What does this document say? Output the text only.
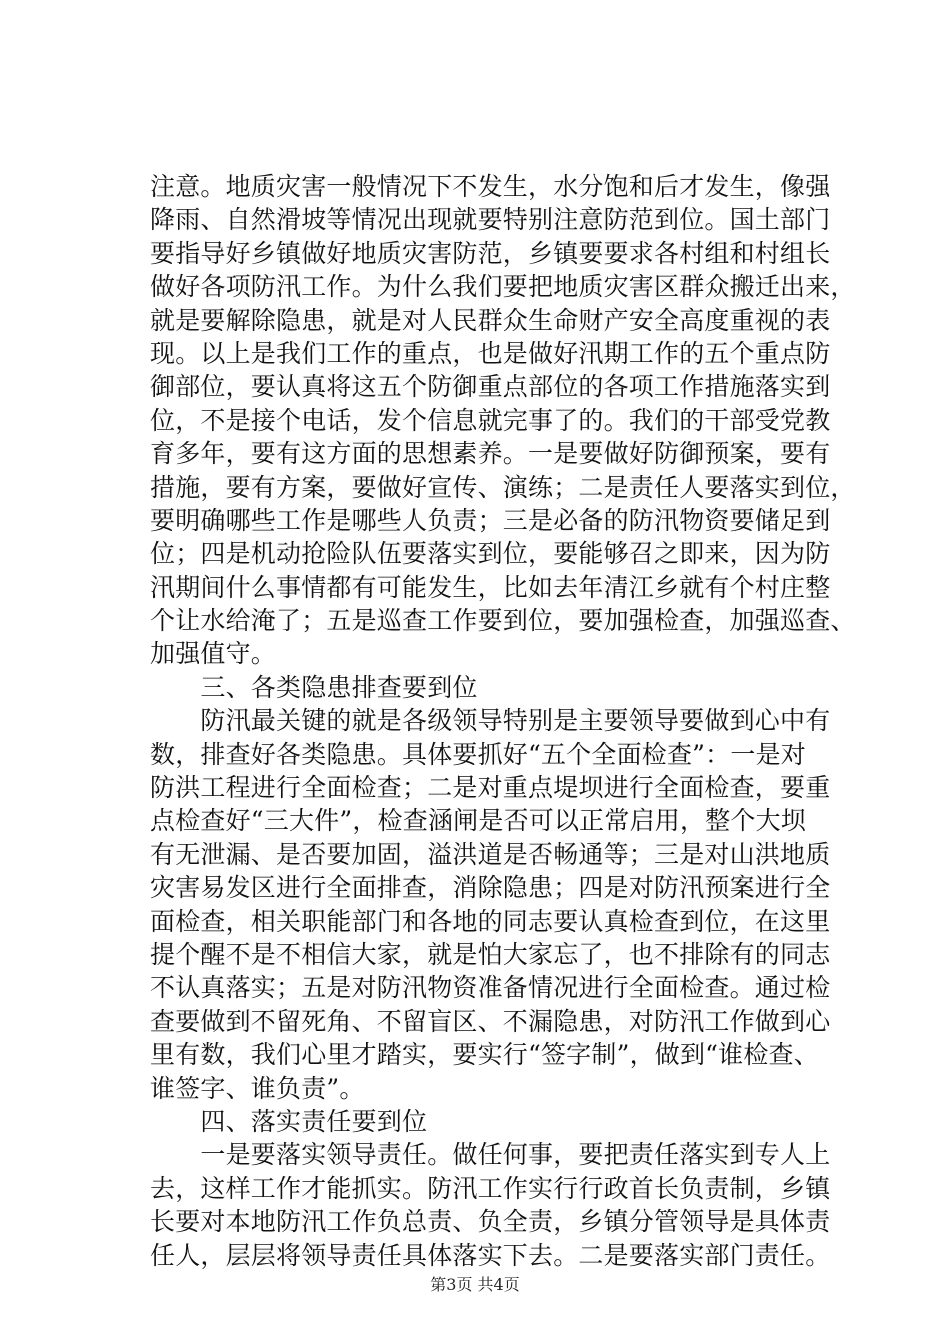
注意。地质灾害一般情况下不发生，水分饱和后才发生，像强
降雨、自然滑坡等情况出现就要特别注意防范到位。国土部门
要指导好乡镇做好地质灾害防范，乡镇要要求各村组和村组长
做好各项防汛工作。为什么我们要把地质灾害区群众搬迁出来，
就是要解除隐患，就是对人民群众生命财产安全高度重视的表
现。以上是我们工作的重点，也是做好汛期工作的五个重点防
御部位，要认真将这五个防御重点部位的各项工作措施落实到
位，不是接个电话，发个信息就完事了的。我们的干部受党教
育多年，要有这方面的思想素养。一是要做好防御预案，要有
措施，要有方案，要做好宣传、演练；二是责任人要落实到位，
要明确哪些工作是哪些人负责；三是必备的防汛物资要储足到
位；四是机动抢险队伍要落实到位，要能够召之即来，因为防
汛期间什么事情都有可能发生，比如去年清江乡就有个村庄整
个让水给淹了；五是巡查工作要到位，要加强检查，加强巡查、
加强值守。
　　三、各类隐患排查要到位
　　防汛最关键的就是各级领导特别是主要领导要做到心中有
数，排查好各类隐患。具体要抓好“五个全面检查”：一是对
防洪工程进行全面检查；二是对重点堤坝进行全面检查，要重
点检查好“三大件”，检查涵闸是否可以正常启用，整个大坝
有无泄漏、是否要加固，溢洪道是否畅通等；三是对山洪地质
灾害易发区进行全面排查，消除隐患；四是对防汛预案进行全
面检查，相关职能部门和各地的同志要认真检查到位，在这里
提个醒不是不相信大家，就是怕大家忘了，也不排除有的同志
不认真落实；五是对防汛物资准备情况进行全面检查。通过检
查要做到不留死角、不留盲区、不漏隐患，对防汛工作做到心
里有数，我们心里才踏实，要实行“签字制”，做到“谁检查、
谁签字、谁负责”。
　　四、落实责任要到位
　　一是要落实领导责任。做任何事，要把责任落实到专人上
去，这样工作才能抓实。防汛工作实行行政首长负责制，乡镇
长要对本地防汛工作负总责、负全责，乡镇分管领导是具体责
任人，层层将领导责任具体落实下去。二是要落实部门责任。
第3页 共4页
